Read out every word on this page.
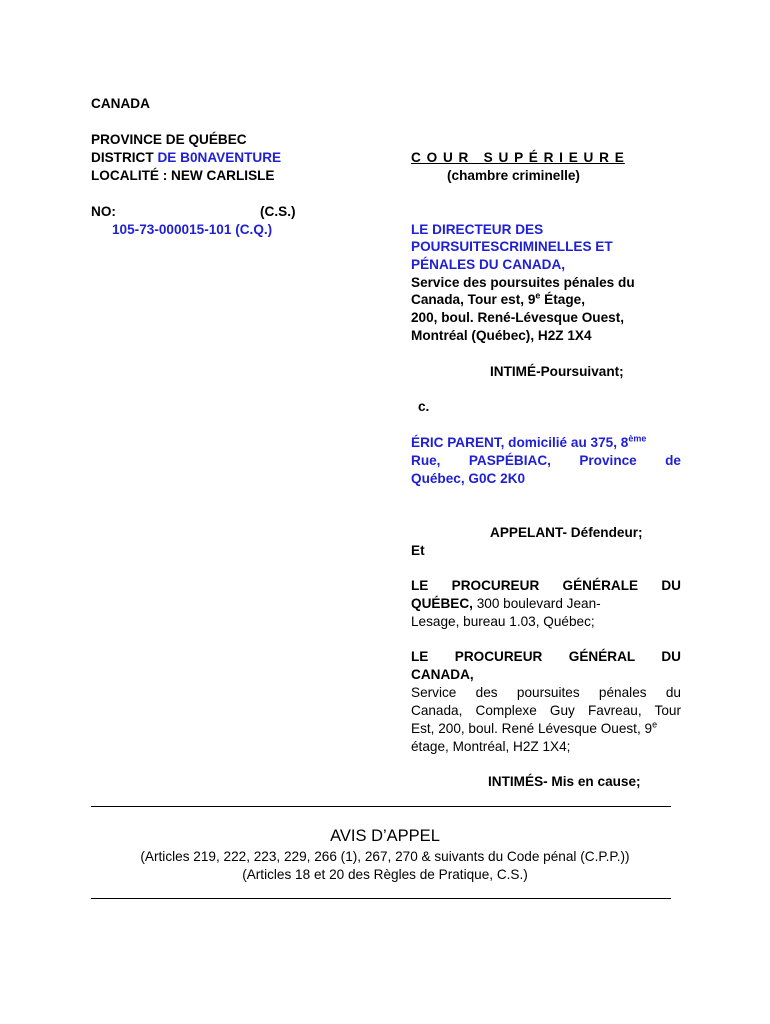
CANADA
PROVINCE DE QUÉBEC
DISTRICT DE B0NAVENTURE
LOCALITÉ : NEW CARLISLE
NO:	(C.S.)
105-73-000015-101 (C.Q.)
C O U R   S U P É R I E U R E
(chambre criminelle)
LE DIRECTEUR DES
POURSUITESCRIMINELLES ET
PÉNALES DU CANADA,
Service des poursuites pénales du
Canada, Tour est, 9e Étage,
200, boul. René-Lévesque Ouest,
Montréal (Québec), H2Z 1X4
INTIMÉ-Poursuivant;
c.
ÉRIC PARENT, domicilié au 375, 8ème
Rue, PASPÉBIAC, Province de
Québec, G0C 2K0
APPELANT- Défendeur;
Et
LE PROCUREUR GÉNÉRALE DU
QUÉBEC, 300 boulevard Jean-
Lesage, bureau 1.03, Québec;
LE PROCUREUR GÉNÉRAL DU
CANADA,
Service des poursuites pénales du
Canada, Complexe Guy Favreau, Tour
Est, 200, boul. René Lévesque Ouest, 9e
étage, Montréal, H2Z 1X4;
INTIMÉS- Mis en cause;
AVIS D’APPEL
(Articles 219, 222, 223, 229, 266 (1), 267, 270 & suivants du Code pénal (C.P.P.))
(Articles 18 et 20 des Règles de Pratique, C.S.)
